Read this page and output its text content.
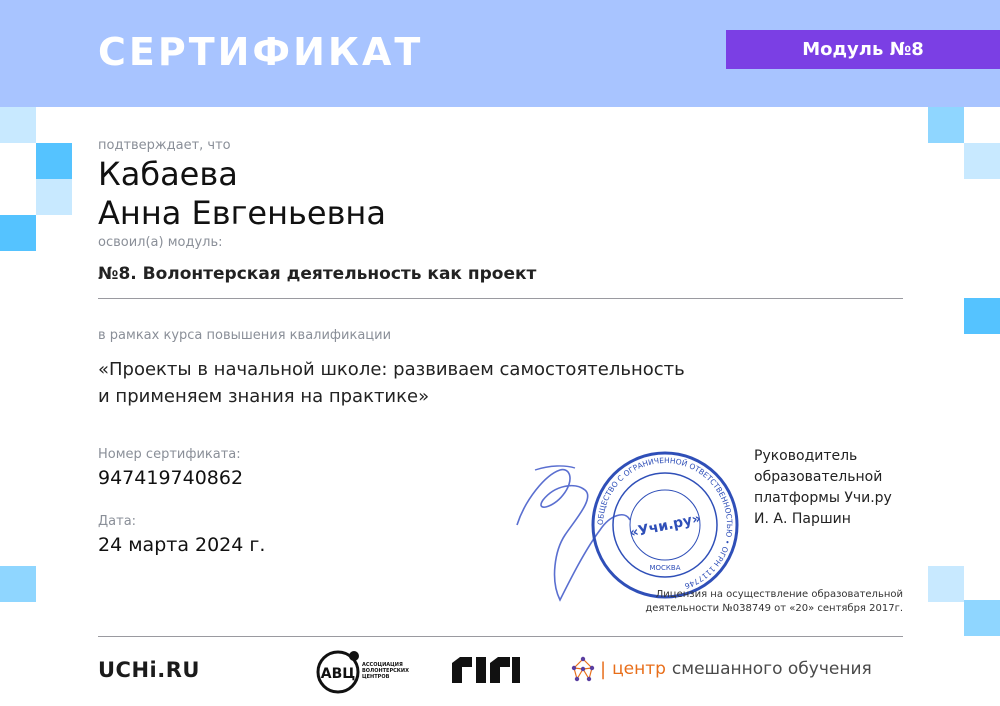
СЕРТИФИКАТ	Модуль №8
подтверждает, что
Кабаева
Анна Евгеньевна
освоил(а) модуль:
№8. Волонтерская деятельность как проект
в рамках курса повышения квалификации
«Проекты в начальной школе: развиваем самостоятельность
и применяем знания на практике»
Номер сертификата:
947419740862
Дата:
24 марта 2024 г.
ОБЩЕСТВО С ОГРАНИЧЕННОЙ ОТВЕТСТВЕННОСТЬЮ • ОГРН 1117746
«Учи.ру»
МОСКВА
Руководитель
образовательной
платформы Учи.ру
И. А. Паршин
Лицензия на осуществление образовательной
деятельности №038749 от «20» сентября 2017г.
UCHi.RU	АВЦ
АССОЦИАЦИЯ ВОЛОНТЕРСКИХ ЦЕНТРОВ	| центр смешанного обучения
